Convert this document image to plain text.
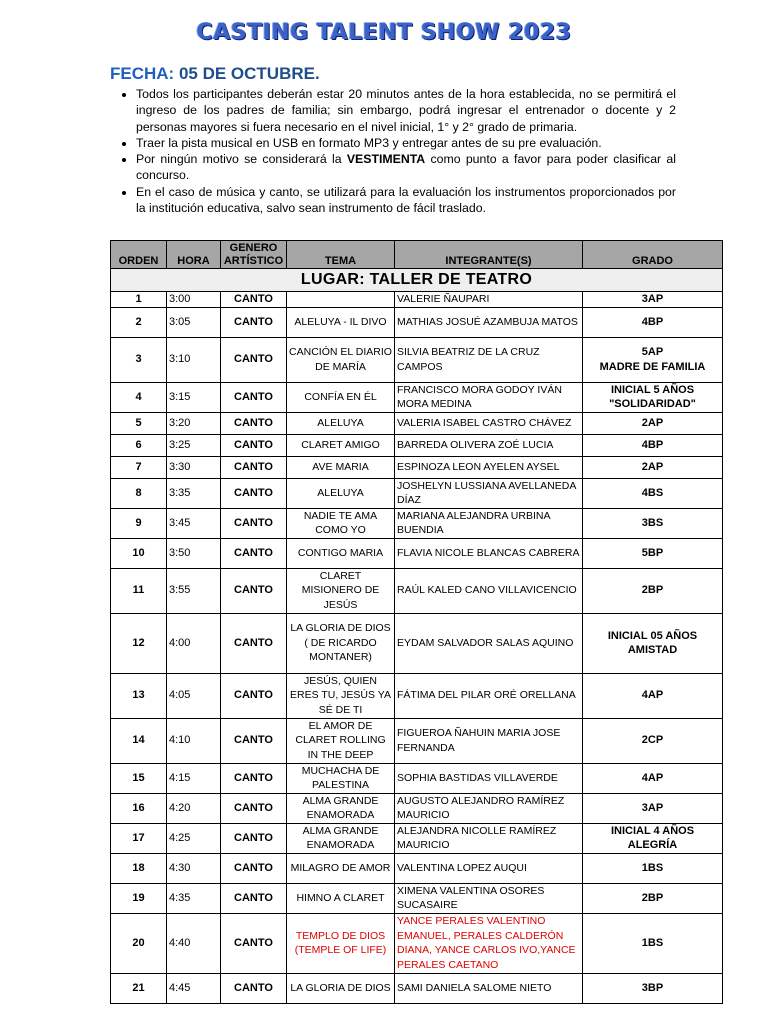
CASTING TALENT SHOW 2023
FECHA: 05 DE OCTUBRE.
• Todos los participantes deberán estar 20 minutos antes de la hora establecida, no se permitirá el ingreso de los padres de familia; sin embargo, podrá ingresar el entrenador o docente y 2 personas mayores si fuera necesario en el nivel inicial, 1° y 2° grado de primaria.
• Traer la pista musical en USB en formato MP3 y entregar antes de su pre evaluación.
• Por ningún motivo se considerará la VESTIMENTA como punto a favor para poder clasificar al concurso.
• En el caso de música y canto, se utilizará para la evaluación los instrumentos proporcionados por la institución educativa, salvo sean instrumento de fácil traslado.
ORDEN	HORA	GENERO ARTÍSTICO	TEMA	INTEGRANTE(S)	GRADO
LUGAR: TALLER DE TEATRO					
1	3:00	CANTO		VALERIE ÑAUPARI	3AP
2	3:05	CANTO	ALELUYA - IL DIVO	MATHIAS JOSUÉ AZAMBUJA MATOS	4BP
3	3:10	CANTO	CANCIÓN EL DIARIO DE MARÍA	SILVIA BEATRIZ DE LA CRUZ CAMPOS	5AP
MADRE DE FAMILIA
4	3:15	CANTO	CONFÍA EN ÉL	FRANCISCO MORA GODOY IVÁN MORA MEDINA	INICIAL 5 AÑOS
"SOLIDARIDAD"
5	3:20	CANTO	ALELUYA	VALERIA ISABEL CASTRO CHÁVEZ	2AP
6	3:25	CANTO	CLARET AMIGO	BARREDA OLIVERA ZOÉ LUCIA	4BP
7	3:30	CANTO	AVE MARIA	ESPINOZA LEON AYELEN AYSEL	2AP
8	3:35	CANTO	ALELUYA	JOSHELYN LUSSIANA AVELLANEDA DÍAZ	4BS
9	3:45	CANTO	NADIE TE AMA COMO YO	MARIANA ALEJANDRA URBINA BUENDIA	3BS
10	3:50	CANTO	CONTIGO MARIA	FLAVIA NICOLE BLANCAS CABRERA	5BP
11	3:55	CANTO	CLARET MISIONERO DE JESÚS	RAÚL KALED CANO VILLAVICENCIO	2BP
12	4:00	CANTO	LA GLORIA DE DIOS ( DE RICARDO MONTANER)	EYDAM SALVADOR SALAS AQUINO	INICIAL 05 AÑOS
AMISTAD
13	4:05	CANTO	JESÚS, QUIEN ERES TU, JESÚS YA SÉ DE TI	FÁTIMA DEL PILAR ORÉ ORELLANA	4AP
14	4:10	CANTO	EL AMOR DE CLARET ROLLING IN THE DEEP	FIGUEROA ÑAHUIN MARIA JOSE FERNANDA	2CP
15	4:15	CANTO	MUCHACHA DE PALESTINA	SOPHIA BASTIDAS VILLAVERDE	4AP
16	4:20	CANTO	ALMA GRANDE ENAMORADA	AUGUSTO ALEJANDRO RAMÍREZ MAURICIO	3AP
17	4:25	CANTO	ALMA GRANDE ENAMORADA	ALEJANDRA NICOLLE RAMÍREZ MAURICIO	INICIAL 4 AÑOS
ALEGRÍA
18	4:30	CANTO	MILAGRO DE AMOR	VALENTINA LOPEZ AUQUI	1BS
19	4:35	CANTO	HIMNO A CLARET	XIMENA VALENTINA OSORES SUCASAIRE	2BP
20	4:40	CANTO	TEMPLO DE DIOS (TEMPLE OF LIFE)	YANCE PERALES VALENTINO EMANUEL, PERALES CALDERÓN DIANA, YANCE CARLOS IVO,YANCE PERALES CAETANO	1BS
21	4:45	CANTO	LA GLORIA DE DIOS	SAMI DANIELA SALOME NIETO	3BP
